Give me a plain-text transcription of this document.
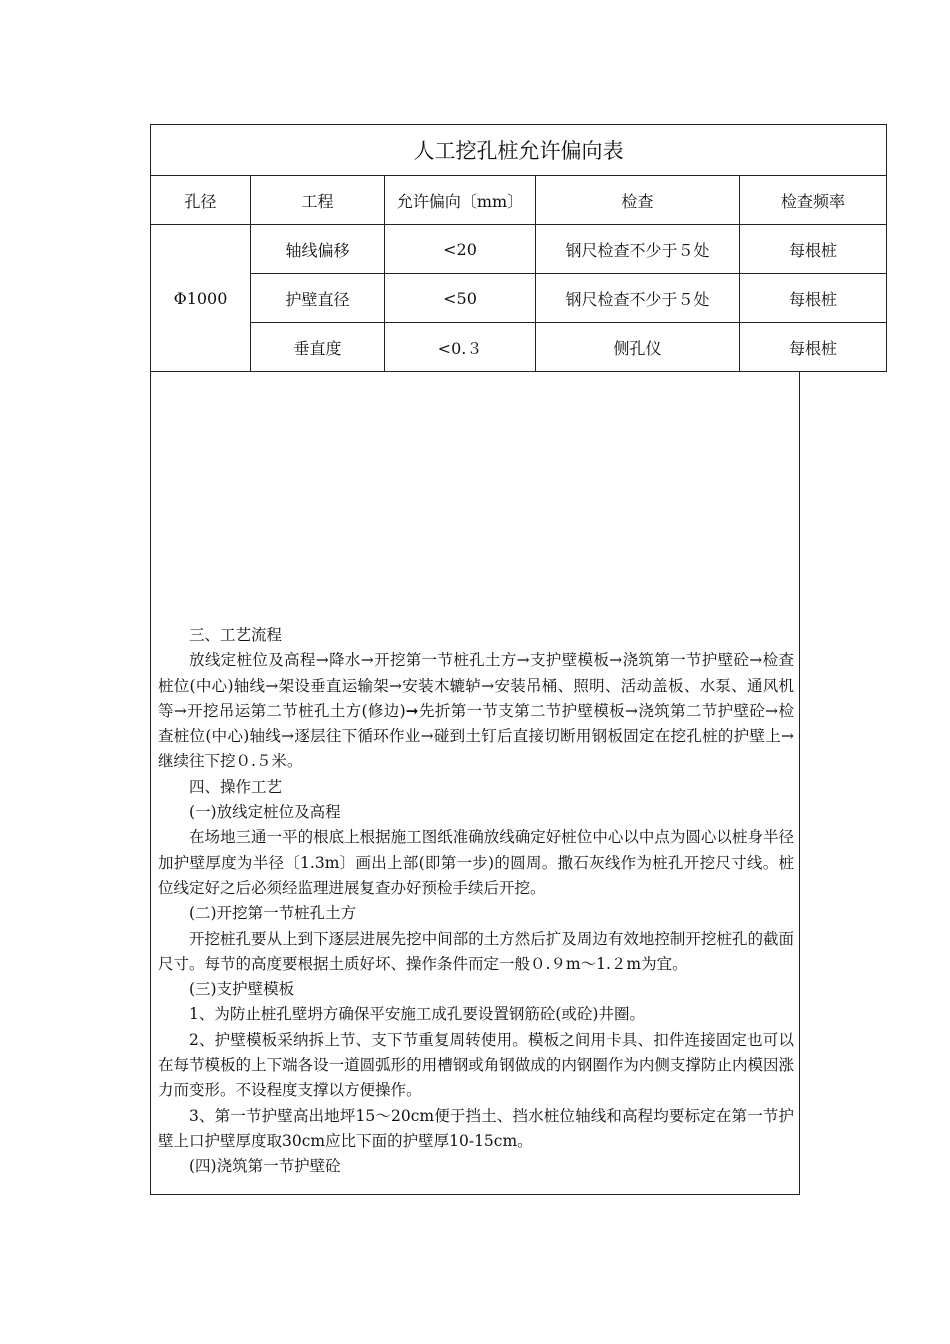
人工挖孔桩允许偏向表				
孔径	工程	允许偏向〔mm〕	检查	检查频率
Φ1000	轴线偏移	<20	钢尺检查不少于５处	每根桩
	护壁直径	<50	钢尺检查不少于５处	每根桩
	垂直度	<0.３	侧孔仪	每根桩

三、工艺流程

放线定桩位及高程→降水→开挖第一节桩孔土方→支护壁模板→浇筑第一节护壁砼→检查桩位(中心)轴线→架设垂直运输架→安装木辘轳→安装吊桶、照明、活动盖板、水泵、通风机等→开挖吊运第二节桩孔土方(修边)➞先折第一节支第二节护壁模板→浇筑第二节护壁砼→检查桩位(中心)轴线→逐层往下循环作业→碰到土钉后直接切断用钢板固定在挖孔桩的护壁上→继续往下挖０.５米。

四、操作工艺

(一)放线定桩位及高程

在场地三通一平的根底上根据施工图纸准确放线确定好桩位中心以中点为圆心以桩身半径加护壁厚度为半径〔1.3m〕画出上部(即第一步)的圆周。撒石灰线作为桩孔开挖尺寸线。桩位线定好之后必须经监理进展复查办好预检手续后开挖。

(二)开挖第一节桩孔土方

开挖桩孔要从上到下逐层进展先挖中间部的土方然后扩及周边有效地控制开挖桩孔的截面尺寸。每节的高度要根据土质好坏、操作条件而定一般０.９m～1.２m为宜。

(三)支护壁模板

1、为防止桩孔壁坍方确保平安施工成孔要设置钢筋砼(或砼)井圈。

2、护壁模板采纳拆上节、支下节重复周转使用。模板之间用卡具、扣件连接固定也可以在每节模板的上下端各设一道圆弧形的用槽钢或角钢做成的内钢圈作为内侧支撑防止内模因涨力而变形。不设程度支撑以方便操作。

3、第一节护壁高出地坪15～20cm便于挡土、挡水桩位轴线和高程均要标定在第一节护壁上口护壁厚度取30cm应比下面的护壁厚10-15cm。

(四)浇筑第一节护壁砼
